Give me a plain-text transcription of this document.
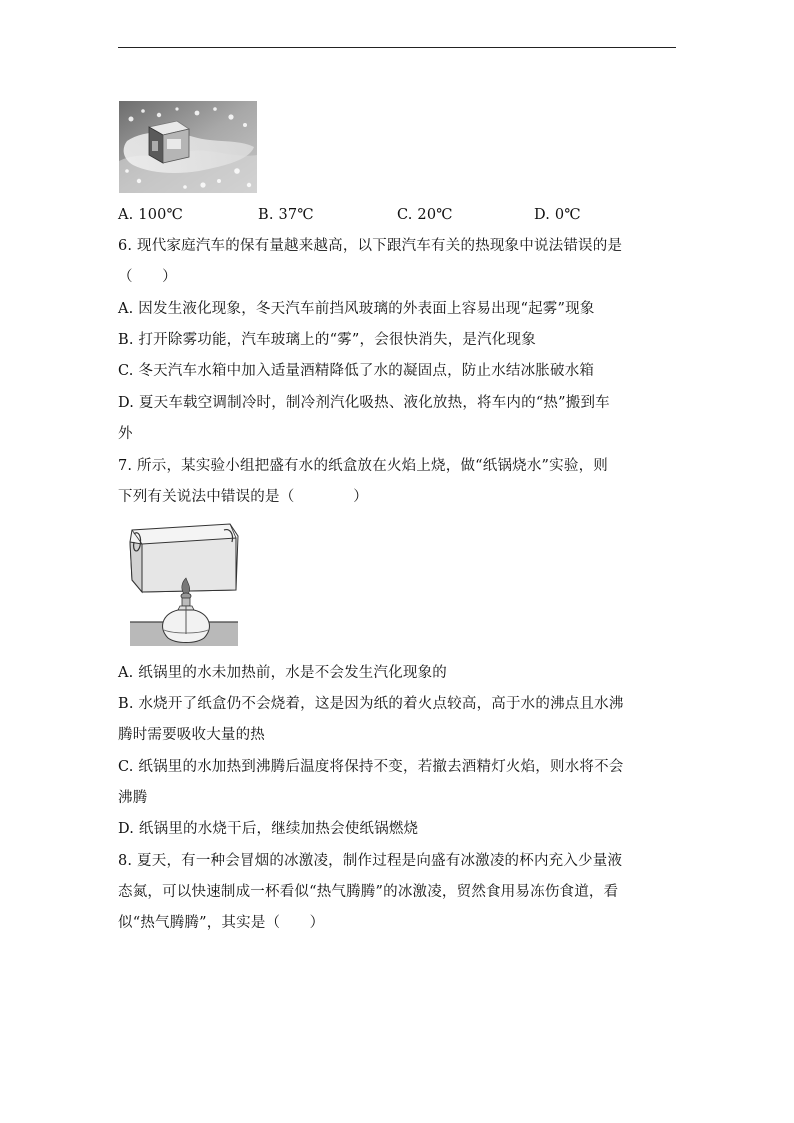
A. 100℃	B. 37℃	C. 20℃	D. 0℃
6. 现代家庭汽车的保有量越来越高，以下跟汽车有关的热现象中说法错误的是
（　　）
A. 因发生液化现象，冬天汽车前挡风玻璃的外表面上容易出现“起雾”现象
B. 打开除雾功能，汽车玻璃上的“雾”，会很快消失，是汽化现象
C. 冬天汽车水箱中加入适量酒精降低了水的凝固点，防止水结冰胀破水箱
D. 夏天车载空调制冷时，制冷剂汽化吸热、液化放热，将车内的“热”搬到车
外
7. 所示，某实验小组把盛有水的纸盒放在火焰上烧，做“纸锅烧水”实验，则
下列有关说法中错误的是（　　　　）
A. 纸锅里的水未加热前，水是不会发生汽化现象的
B. 水烧开了纸盒仍不会烧着，这是因为纸的着火点较高，高于水的沸点且水沸
腾时需要吸收大量的热
C. 纸锅里的水加热到沸腾后温度将保持不变，若撤去酒精灯火焰，则水将不会
沸腾
D. 纸锅里的水烧干后，继续加热会使纸锅燃烧
8. 夏天，有一种会冒烟的冰激凌，制作过程是向盛有冰激凌的杯内充入少量液
态氮，可以快速制成一杯看似“热气腾腾”的冰激凌，贸然食用易冻伤食道，看
似“热气腾腾”，其实是（　　）
